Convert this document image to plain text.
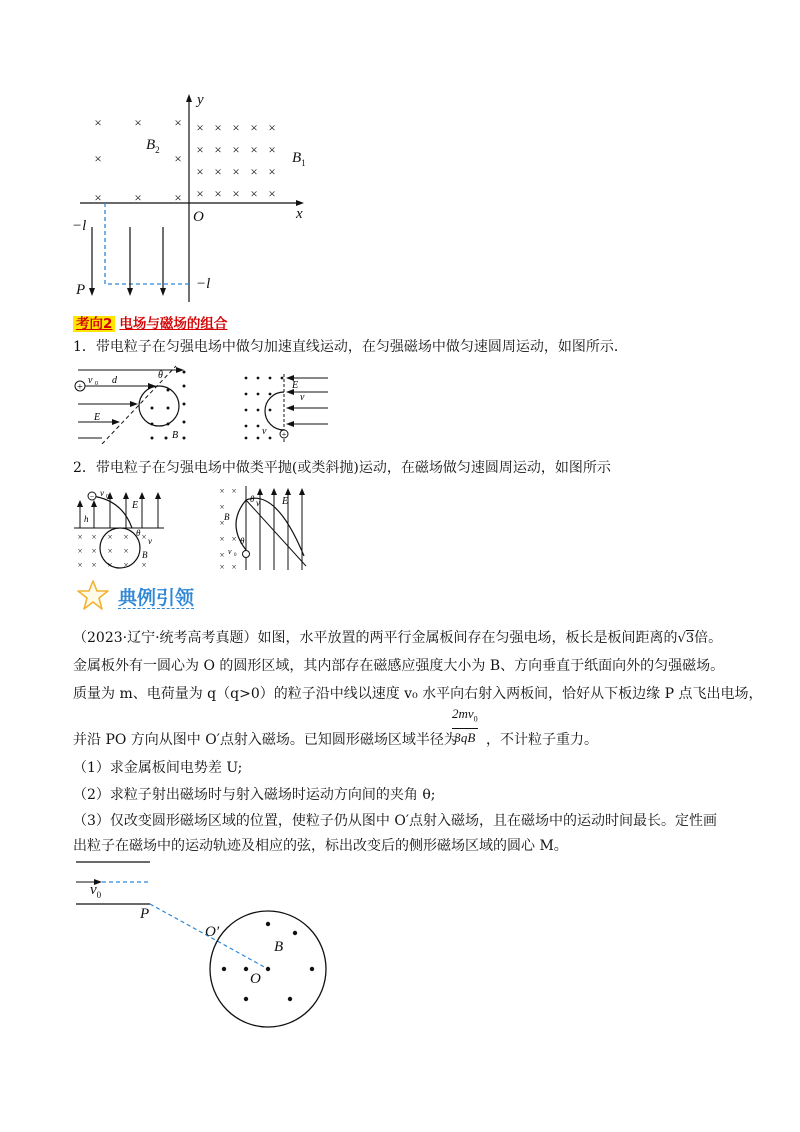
×	×	×
×	×
×	×	×
× × × × ×
× × × × ×
× × × × ×
× × × × ×
y
x
O
$B_1$
$B_2$
−l
−l
P
考向2 电场与磁场的组合
1．带电粒子在匀强电场中做匀加速直线运动，在匀强磁场中做匀速圆周运动，如图所示．
+
v 0 d	θ
E
B	+
E
v
v
2．带电粒子在匀强电场中做类平抛(或类斜抛)运动，在磁场做匀速圆周运动，如图所示
× × × × ×
× × × ×
× × × × ×
− v 0
E
h
θ
v
B
× ×
×
×
× ×
×
× ×
θ v E
B
θ
v 0
典例引领
（2023·辽宁·统考高考真题）如图，水平放置的两平行金属板间存在匀强电场，板长是板间距离的√3倍。
金属板外有一圆心为 O 的圆形区域，其内部存在磁感应强度大小为 B、方向垂直于纸面向外的匀强磁场。
质量为 m、电荷量为 q（q>0）的粒子沿中线以速度 v₀ 水平向右射入两板间，恰好从下板边缘 P 点飞出电场，
$2mv_0$
3qB
并沿 PO 方向从图中 O′点射入磁场。已知圆形磁场区域半径为 ，不计粒子重力。
（1）求金属板间电势差 U;
（2）求粒子射出磁场时与射入磁场时运动方向间的夹角 θ;
（3）仅改变圆形磁场区域的位置，使粒子仍从图中 O′点射入磁场，且在磁场中的运动时间最长。定性画
出粒子在磁场中的运动轨迹及相应的弦，标出改变后的侧形磁场区域的圆心 M。
$v_0$
P
O′
B
O
